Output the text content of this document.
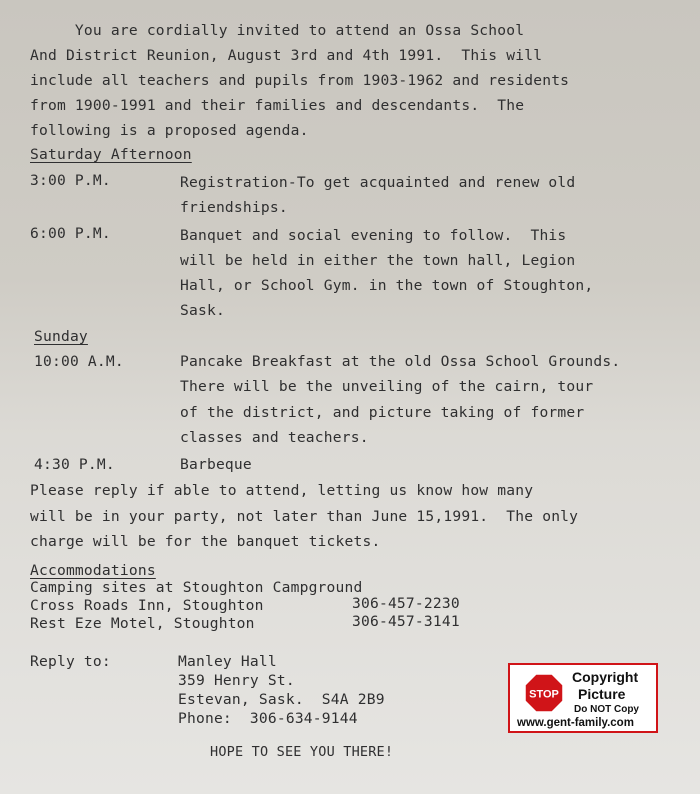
You are cordially invited to attend an Ossa School
And District Reunion, August 3rd and 4th 1991.  This will
include all teachers and pupils from 1903-1962 and residents
from 1900-1991 and their families and descendants.  The
following is a proposed agenda.
Saturday Afternoon
3:00 P.M.	Registration-To get acquainted and renew old
friendships.
6:00 P.M.	Banquet and social evening to follow.  This
will be held in either the town hall, Legion
Hall, or School Gym. in the town of Stoughton,
Sask.
Sunday
10:00 A.M.	Pancake Breakfast at the old Ossa School Grounds.
There will be the unveiling of the cairn, tour
of the district, and picture taking of former
classes and teachers.
4:30 P.M.	Barbeque
Please reply if able to attend, letting us know how many
will be in your party, not later than June 15,1991.  The only
charge will be for the banquet tickets.
Accommodations
Camping sites at Stoughton Campground
Cross Roads Inn, Stoughton	306-457-2230
Rest Eze Motel, Stoughton	306-457-3141
Reply to:	Manley Hall
359 Henry St.
Estevan, Sask.  S4A 2B9
Phone:  306-634-9144
HOPE TO SEE YOU THERE!
STOP
Copyright
Picture
Do NOT Copy
www.gent-family.com
